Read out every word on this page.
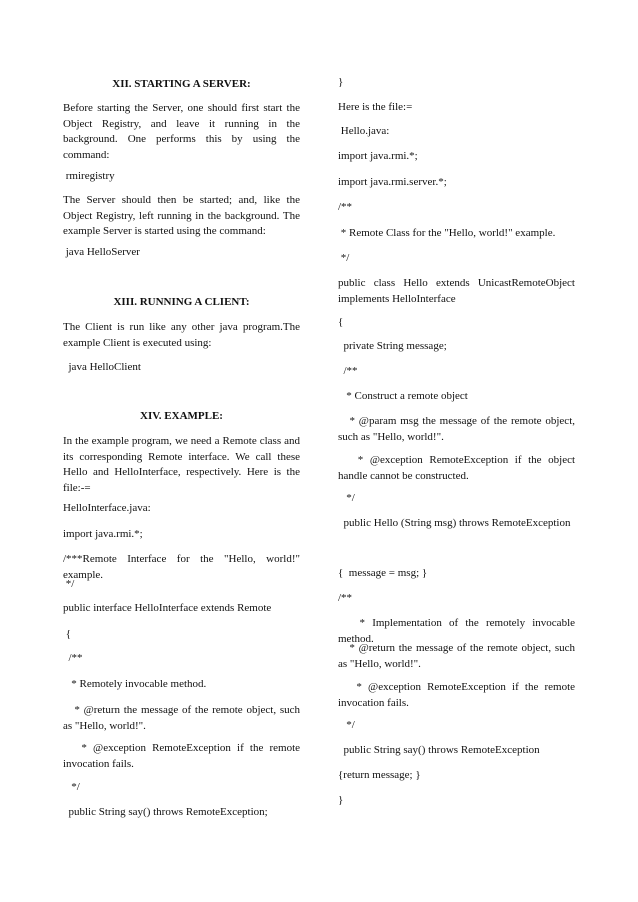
XII. STARTING A SERVER:

Before starting the Server, one should first start the Object Registry, and leave it running in the background. One performs this by using the command:

rmiregistry

The Server should then be started; and, like the Object Registry, left running in the background. The example Server is started using the command:

java HelloServer

XIII. RUNNING A CLIENT:

The Client is run like any other java program.The example Client is executed using:

java HelloClient

XIV. EXAMPLE:

In the example program, we need a Remote class and its corresponding Remote interface. We call these Hello and HelloInterface, respectively. Here is the file:-=

HelloInterface.java:

import java.rmi.*;

/***Remote Interface for the "Hello, world!" example.

*/

public interface HelloInterface extends Remote

{

/**

* Remotely invocable method.

* @return the message of the remote object, such as "Hello, world!".

* @exception RemoteException if the remote invocation fails.

*/

public String say() throws RemoteException;

}

Here is the file:=

Hello.java:

import java.rmi.*;

import java.rmi.server.*;

/**

* Remote Class for the "Hello, world!" example.

*/

public class Hello extends UnicastRemoteObject implements HelloInterface

{

private String message;

/**

* Construct a remote object

* @param msg the message of the remote object, such as "Hello, world!".

* @exception RemoteException if the object handle cannot be constructed.

*/

public Hello (String msg) throws RemoteException

{  message = msg; }

/**

* Implementation of the remotely invocable method.

* @return the message of the remote object, such as "Hello, world!".

* @exception RemoteException if the remote invocation fails.

*/

public String say() throws RemoteException

{return message; }

}
